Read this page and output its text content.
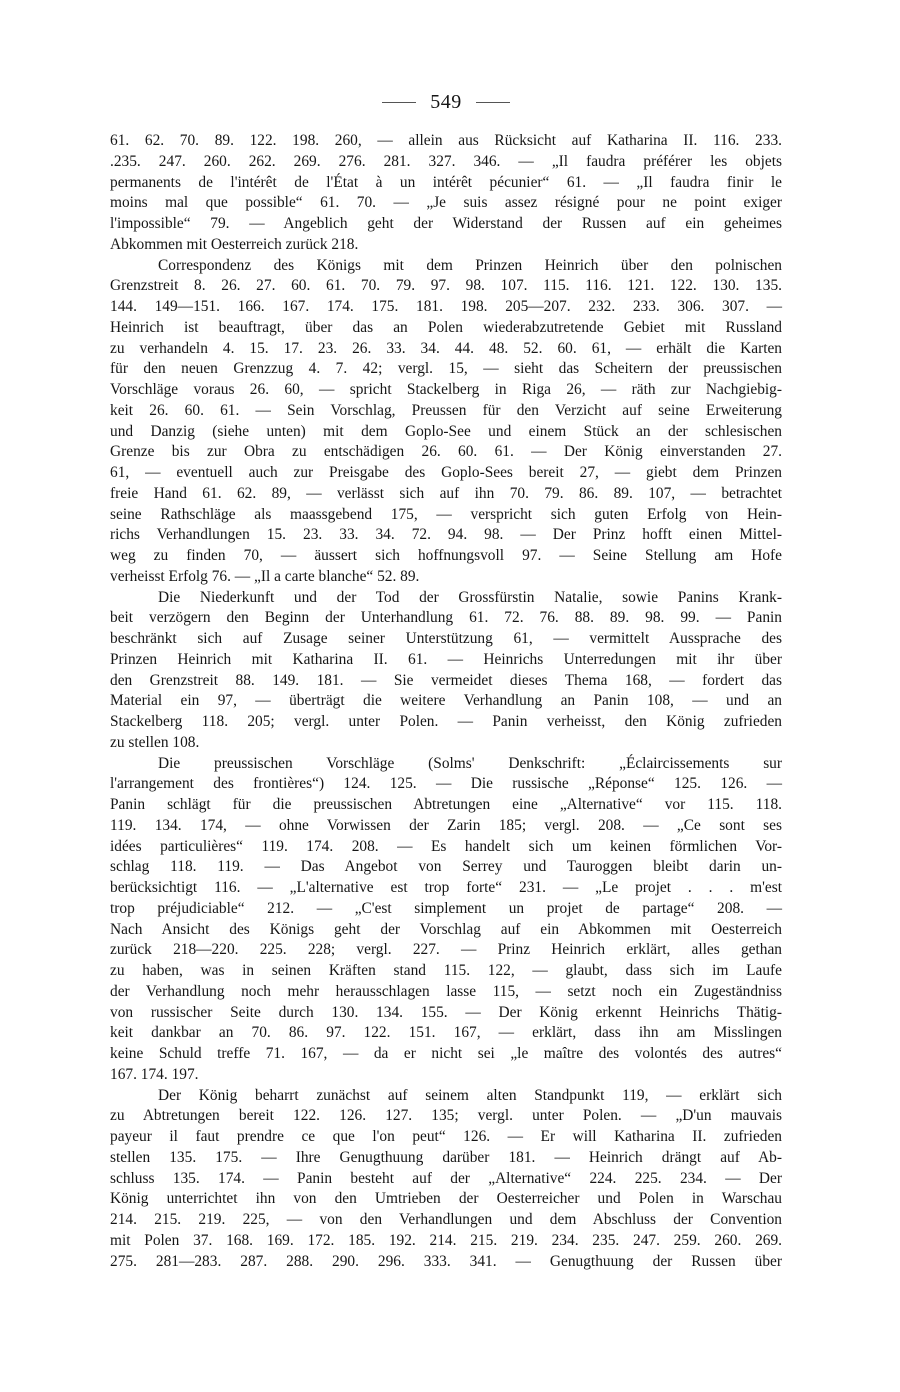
549
61. 62. 70. 89. 122. 198. 260, — allein aus Rücksicht auf Katharina II. 116. 233.
.235. 247. 260. 262. 269. 276. 281. 327. 346. — „Il faudra préférer les objets
permanents de l'intérêt de l'État à un intérêt pécunier“ 61. — „Il faudra finir le
moins mal que possible“ 61. 70. — „Je suis assez résigné pour ne point exiger
l'impossible“ 79. — Angeblich geht der Widerstand der Russen auf ein geheimes
Abkommen mit Oesterreich zurück 218.
Correspondenz des Königs mit dem Prinzen Heinrich über den polnischen
Grenzstreit 8. 26. 27. 60. 61. 70. 79. 97. 98. 107. 115. 116. 121. 122. 130. 135.
144. 149—151. 166. 167. 174. 175. 181. 198. 205—207. 232. 233. 306. 307. —
Heinrich ist beauftragt, über das an Polen wiederabzutretende Gebiet mit Russland
zu verhandeln 4. 15. 17. 23. 26. 33. 34. 44. 48. 52. 60. 61, — erhält die Karten
für den neuen Grenzzug 4. 7. 42; vergl. 15, — sieht das Scheitern der preussischen
Vorschläge voraus 26. 60, — spricht Stackelberg in Riga 26, — räth zur Nachgiebig-
keit 26. 60. 61. — Sein Vorschlag, Preussen für den Verzicht auf seine Erweiterung
und Danzig (siehe unten) mit dem Goplo-See und einem Stück an der schlesischen
Grenze bis zur Obra zu entschädigen 26. 60. 61. — Der König einverstanden 27.
61, — eventuell auch zur Preisgabe des Goplo-Sees bereit 27, — giebt dem Prinzen
freie Hand 61. 62. 89, — verlässt sich auf ihn 70. 79. 86. 89. 107, — betrachtet
seine Rathschläge als maassgebend 175, — verspricht sich guten Erfolg von Hein-
richs Verhandlungen 15. 23. 33. 34. 72. 94. 98. — Der Prinz hofft einen Mittel-
weg zu finden 70, — äussert sich hoffnungsvoll 97. — Seine Stellung am Hofe
verheisst Erfolg 76. — „Il a carte blanche“ 52. 89.
Die Niederkunft und der Tod der Grossfürstin Natalie, sowie Panins Krank-
beit verzögern den Beginn der Unterhandlung 61. 72. 76. 88. 89. 98. 99. — Panin
beschränkt sich auf Zusage seiner Unterstützung 61, — vermittelt Aussprache des
Prinzen Heinrich mit Katharina II. 61. — Heinrichs Unterredungen mit ihr über
den Grenzstreit 88. 149. 181. — Sie vermeidet dieses Thema 168, — fordert das
Material ein 97, — überträgt die weitere Verhandlung an Panin 108, — und an
Stackelberg 118. 205; vergl. unter Polen. — Panin verheisst, den König zufrieden
zu stellen 108.
Die preussischen Vorschläge (Solms' Denkschrift: „Éclaircissements sur
l'arrangement des frontières“) 124. 125. — Die russische „Réponse“ 125. 126. —
Panin schlägt für die preussischen Abtretungen eine „Alternative“ vor 115. 118.
119. 134. 174, — ohne Vorwissen der Zarin 185; vergl. 208. — „Ce sont ses
idées particulières“ 119. 174. 208. — Es handelt sich um keinen förmlichen Vor-
schlag 118. 119. — Das Angebot von Serrey und Tauroggen bleibt darin un-
berücksichtigt 116. — „L'alternative est trop forte“ 231. — „Le projet . . . m'est
trop préjudiciable“ 212. — „C'est simplement un projet de partage“ 208. —
Nach Ansicht des Königs geht der Vorschlag auf ein Abkommen mit Oesterreich
zurück 218—220. 225. 228; vergl. 227. — Prinz Heinrich erklärt, alles gethan
zu haben, was in seinen Kräften stand 115. 122, — glaubt, dass sich im Laufe
der Verhandlung noch mehr herausschlagen lasse 115, — setzt noch ein Zugeständniss
von russischer Seite durch 130. 134. 155. — Der König erkennt Heinrichs Thätig-
keit dankbar an 70. 86. 97. 122. 151. 167, — erklärt, dass ihn am Misslingen
keine Schuld treffe 71. 167, — da er nicht sei „le maître des volontés des autres“
167. 174. 197.
Der König beharrt zunächst auf seinem alten Standpunkt 119, — erklärt sich
zu Abtretungen bereit 122. 126. 127. 135; vergl. unter Polen. — „D'un mauvais
payeur il faut prendre ce que l'on peut“ 126. — Er will Katharina II. zufrieden
stellen 135. 175. — Ihre Genugthuung darüber 181. — Heinrich drängt auf Ab-
schluss 135. 174. — Panin besteht auf der „Alternative“ 224. 225. 234. — Der
König unterrichtet ihn von den Umtrieben der Oesterreicher und Polen in Warschau
214. 215. 219. 225, — von den Verhandlungen und dem Abschluss der Convention
mit Polen 37. 168. 169. 172. 185. 192. 214. 215. 219. 234. 235. 247. 259. 260. 269.
275. 281—283. 287. 288. 290. 296. 333. 341. — Genugthuung der Russen über
